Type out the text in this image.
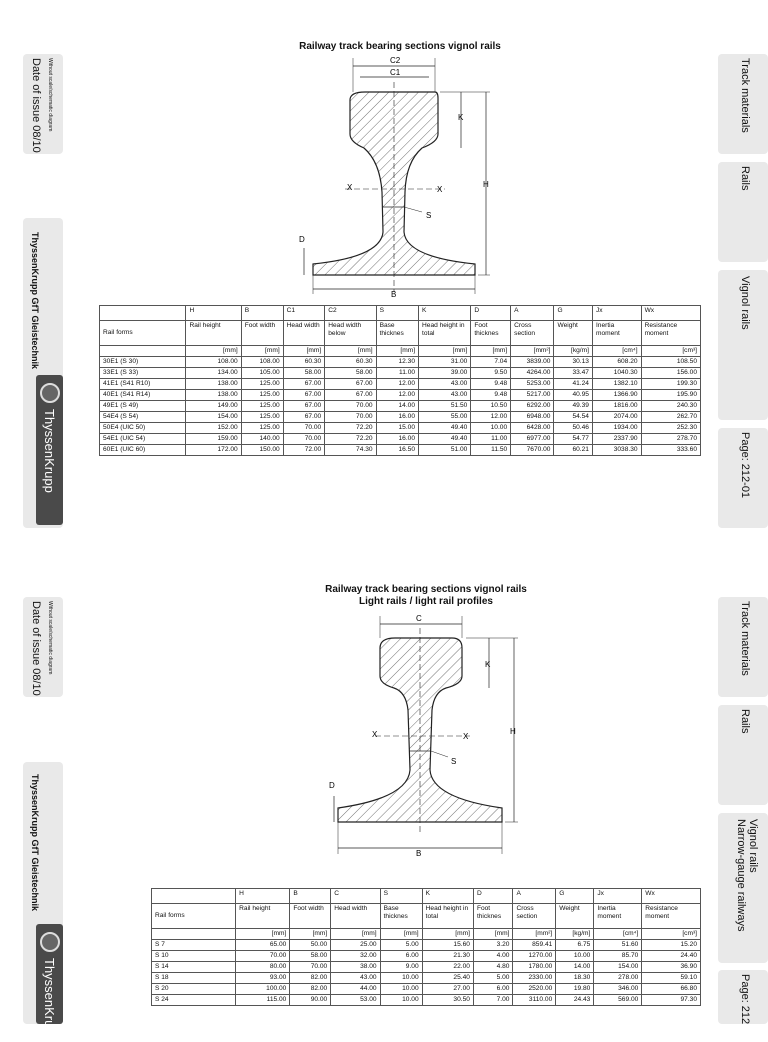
Without scale/schematic diagram
Date of issue 08/10
ThyssenKrupp GfT Gleistechnik
ThyssenKrupp
Track materials
Rails
Vignol rails
Page: 212-01
Railway track bearing sections vignol rails
C2
C1
K
H
X	X
S
D
B
	H	B	C1	C2	S	K	D	A	G	Jx	Wx
Rail forms	Rail height	Foot width	Head width	Head width below	Base thicknes	Head height in total	Foot thicknes	Cross section	Weight	Inertia moment	Resistance moment
	[mm]	[mm]	[mm]	[mm]	[mm]	[mm]	[mm]	[mm²]	[kg/m]	[cm⁴]	[cm³]
30E1 (S 30)	108.00	108.00	60.30	60.30	12.30	31.00	7.04	3839.00	30.13	608.20	108.50
33E1 (S 33)	134.00	105.00	58.00	58.00	11.00	39.00	9.50	4264.00	33.47	1040.30	156.00
41E1 (S41 R10)	138.00	125.00	67.00	67.00	12.00	43.00	9.48	5253.00	41.24	1382.10	199.30
40E1 (S41 R14)	138.00	125.00	67.00	67.00	12.00	43.00	9.48	5217.00	40.95	1366.90	195.90
49E1 (S 49)	149.00	125.00	67.00	70.00	14.00	51.50	10.50	6292.00	49.39	1816.00	240.30
54E4 (S 54)	154.00	125.00	67.00	70.00	16.00	55.00	12.00	6948.00	54.54	2074.00	262.70
50E4 (UIC 50)	152.00	125.00	70.00	72.20	15.00	49.40	10.00	6428.00	50.46	1934.00	252.30
54E1 (UIC 54)	159.00	140.00	70.00	72.20	16.00	49.40	11.00	6977.00	54.77	2337.90	278.70
60E1 (UIC 60)	172.00	150.00	72.00	74.30	16.50	51.00	11.50	7670.00	60.21	3038.30	333.60
Without scale/schematic diagram
Date of issue 08/10
ThyssenKrupp GfT Gleistechnik
ThyssenKrupp
Track materials
Rails
Vignol rails
Narrow-gauge railways
Page: 212
Railway track bearing sections vignol rails
Light rails / light rail profiles
C
K
H
X	X
S
D
B
	H	B	C	S	K	D	A	G	Jx	Wx
Rail forms	Rail height	Foot width	Head width	Base thicknes	Head height in total	Foot thicknes	Cross section	Weight	Inertia moment	Resistance moment
	[mm]	[mm]	[mm]	[mm]	[mm]	[mm]	[mm²]	[kg/m]	[cm⁴]	[cm³]
S 7	65.00	50.00	25.00	5.00	15.60	3.20	859.41	6.75	51.60	15.20
S 10	70.00	58.00	32.00	6.00	21.30	4.00	1270.00	10.00	85.70	24.40
S 14	80.00	70.00	38.00	9.00	22.00	4.80	1780.00	14.00	154.00	36.90
S 18	93.00	82.00	43.00	10.00	25.40	5.00	2330.00	18.30	278.00	59.10
S 20	100.00	82.00	44.00	10.00	27.00	6.00	2520.00	19.80	346.00	66.80
S 24	115.00	90.00	53.00	10.00	30.50	7.00	3110.00	24.43	569.00	97.30
